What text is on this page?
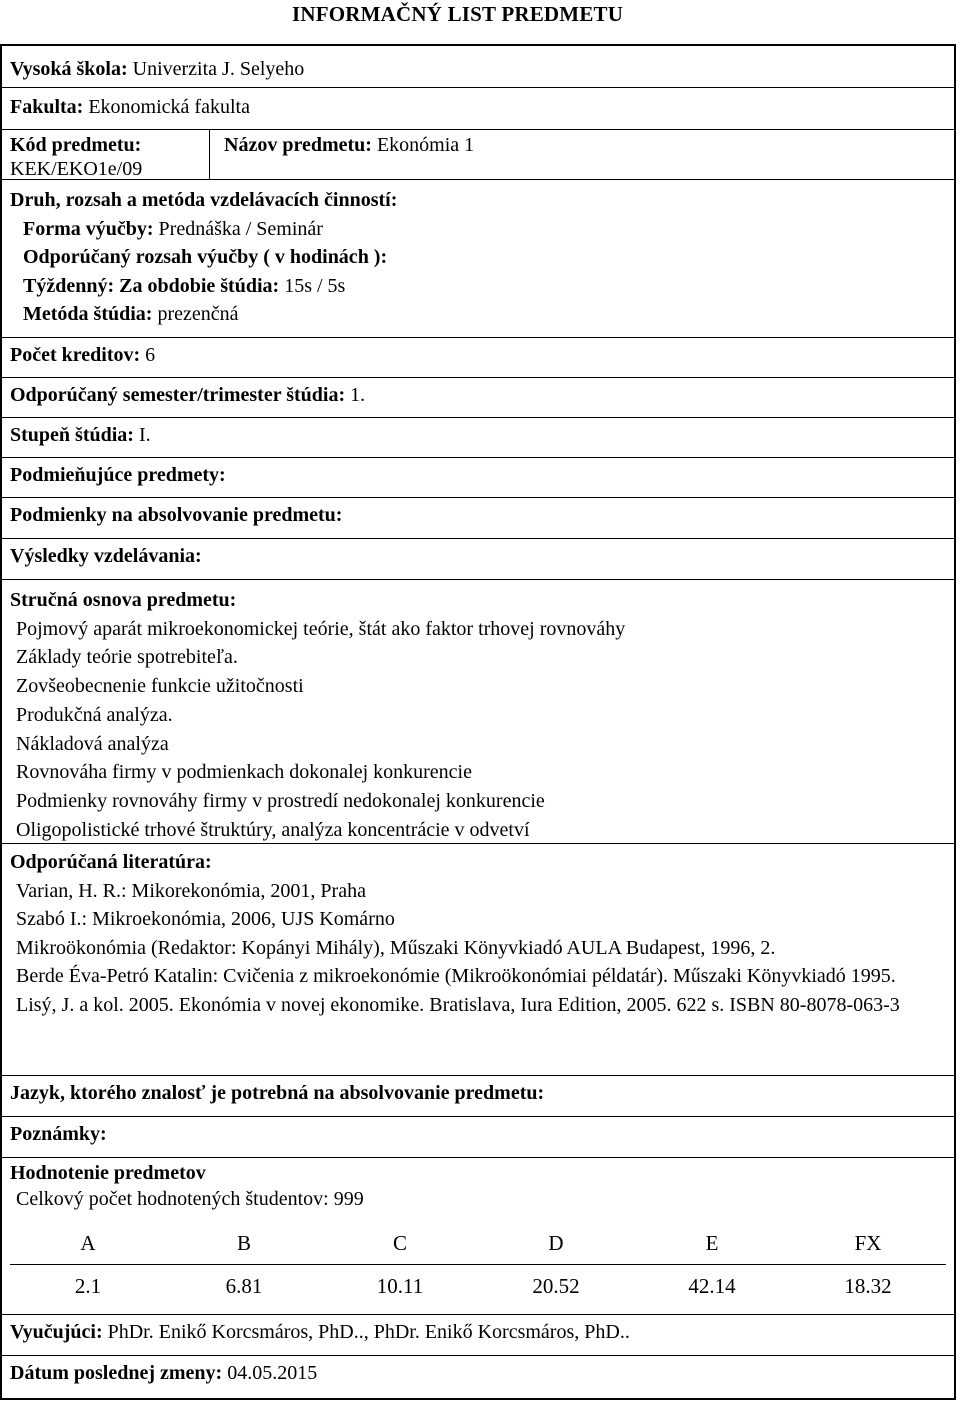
INFORMAČNÝ LIST PREDMETU
Vysoká škola: Univerzita J. Selyeho
Fakulta: Ekonomická fakulta
Kód predmetu:
KEK/EKO1e/09
Názov predmetu: Ekonómia 1
Druh, rozsah a metóda vzdelávacích činností:
Forma výučby: Prednáška / Seminár
Odporúčaný rozsah výučby ( v hodinách ):
Týždenný: Za obdobie štúdia: 15s / 5s
Metóda štúdia: prezenčná
Počet kreditov: 6
Odporúčaný semester/trimester štúdia: 1.
Stupeň štúdia: I.
Podmieňujúce predmety:
Podmienky na absolvovanie predmetu:
Výsledky vzdelávania:
Stručná osnova predmetu:
Pojmový aparát mikroekonomickej teórie, štát ako faktor trhovej rovnováhy
Základy teórie spotrebiteľa.
Zovšeobecnenie funkcie užitočnosti
Produkčná analýza.
Nákladová analýza
Rovnováha firmy v podmienkach dokonalej konkurencie
Podmienky rovnováhy firmy v prostredí nedokonalej konkurencie
Oligopolistické trhové štruktúry, analýza koncentrácie v odvetví
Odporúčaná literatúra:
Varian, H. R.: Mikorekonómia, 2001, Praha
Szabó I.: Mikroekonómia, 2006, UJS Komárno
Mikroökonómia (Redaktor: Kopányi Mihály), Műszaki Könyvkiadó AULA Budapest, 1996, 2.
Berde Éva-Petró Katalin: Cvičenia z mikroekonómie (Mikroökonómiai példatár). Műszaki Könyvkiadó 1995.
Lisý, J. a kol. 2005. Ekonómia v novej ekonomike. Bratislava, Iura Edition, 2005. 622 s. ISBN 80-8078-063-3
Jazyk, ktorého znalosť je potrebná na absolvovanie predmetu:
Poznámky:
Hodnotenie predmetov
Celkový počet hodnotených študentov: 999
A	B	C	D	E	FX
2.1	6.81	10.11	20.52	42.14	18.32
Vyučujúci: PhDr. Enikő Korcsmáros, PhD.., PhDr. Enikő Korcsmáros, PhD..
Dátum poslednej zmeny: 04.05.2015
